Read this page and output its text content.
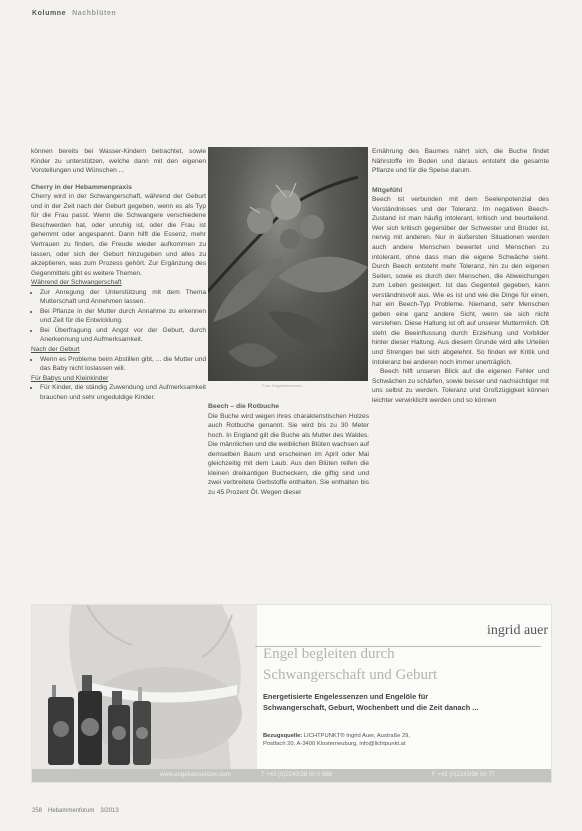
Kolumne Nachblüten

können bereits bei Wasser-Kindern betrachtet, sowie Kinder zu unterstützen, welche dann mit den eigenen Vorstellungen und Wünschen ...

Cherry in der Hebammenpraxis

Cherry wird in der Schwangerschaft, während der Geburt und in der Zeit nach der Geburt gegeben, wenn es als Typ für die Frau passt. Wenn die Schwangere verschiedene Beschwerden hat, oder unruhig ist, oder die Frau ist gehemmt oder angespannt. Dann hilft die Essenz, mehr Vertrauen zu finden, die Freude wieder aufkommen zu lassen, oder sich der Geburt hinzugeben und alles zu akzeptieren, was zum Prozess gehört. Zur Ergänzung des Gegenmittels gibt es weitere Themen.

Während der Schwangerschaft

• Zur Anregung der Unterstützung mit dem Thema Mutterschaft und Annehmen lassen.
• Bei Pflanze in der Mutter durch Annahme zu erkennen und Zeit für die Entwicklung.
• Bei Überfragung und Angst vor der Geburt, durch Anerkennung und Aufmerksamkeit.

Nach der Geburt

• Wenn es Probleme beim Abstillen gibt, ... die Mutter und das Baby nicht loslassen will.

Für Babys und Kleinkinder

• Für Kinder, die ständig Zuwendung und Aufmerksamkeit brauchen und sehr ungeduldige Kinder.
Foto: Engelsessenzen
Beech – die Rotbuche

Die Buche wird wegen ihres charakteristischen Holzes auch Rotbuche genannt. Sie wird bis zu 30 Meter hoch. In England gilt die Buche als Mutter des Waldes. Die männlichen und die weiblichen Blüten wachsen auf demselben Baum und erscheinen im April oder Mai gleichzeitig mit dem Laub. Aus den Blüten reifen die kleinen dreikantigen Bucheckern, die giftig sind und zwei verbreitete Gerbstoffe enthalten. Sie enthalten bis zu 45 Prozent Öl. Wegen dieser

Ernährung des Baumes nährt sich, die Buche findet Nährstoffe im Boden und daraus entsteht die gesamte Pflanze und für die Speise darum.

Mitgefühl

Beech ist verbunden mit dem Seelenpotenzial des Verständnisses und der Toleranz. Im negativen Beech-Zustand ist man häufig intolerant, kritisch und beurteilend. Wer sich kritisch gegenüber der Schwester und Bruder ist, nervig mit anderen. Nur in äußersten Situationen werden auch andere Menschen bewertet und Menschen zu intolerant, ohne dass man die eigene Schwäche sieht. Durch Beech entsteht mehr Toleranz, hin zu den eigenen Seiten, sowie es durch den Menschen, die Abweichungen zum Leben gesteigert. Ist das Gegenteil gegeben, kann verständnisvoll aus. Wie es ist und wie die Dinge für einen, hat ein Beech-Typ Probleme. Niemand, sehr Menschen geben eine ganz andere Sicht, wenn sie sich nicht verstehen. Diese Haltung ist oft auf unserer Muttermilch. Oft steht die Beeinflussung durch Erziehung und Vorbilder hinter dieser Haltung. Aus diesem Grunde wird alle Urteilen und Strengen bei sich abgelehnt. So finden wir Kritik und Intoleranz bei anderen noch immer unerträglich.

Beech hilft unseren Blick auf die eigenen Fehler und Schwächen zu schärfen, sowie besser und nachsichtiger mit uns selbst zu werden. Toleranz und Großzügigkeit können leichter verwirklicht werden und so können

ingrid auer
Engel begleiten durch
Schwangerschaft und Geburt
Energetisierte Engelessenzen und Engelöle für
Schwangerschaft, Geburt, Wochenbett und die Zeit danach ...
Bezugsquelle: LICHTPUNKT® Ingrid Auer, Austraße 29,
Postfach 20, A-3400 Klosterneuburg, info@lichtpunkt.at
www.engelsessenzen.com	T +43 (0)2243/36 00 0 888	F +43 (0)2243/36 00 77
258 Hebammenforum 3/2013
